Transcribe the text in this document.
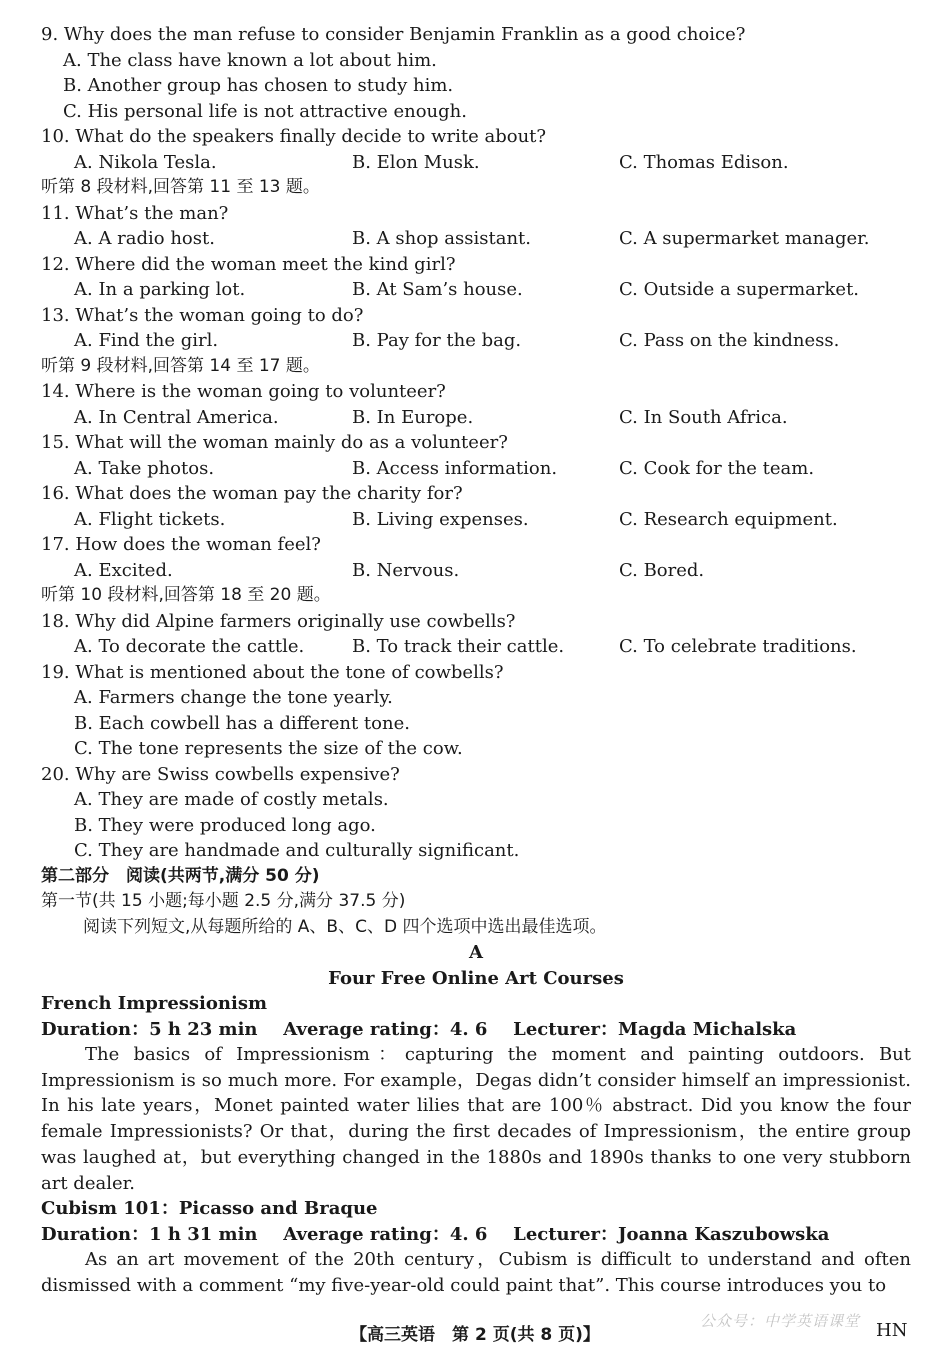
9. Why does the man refuse to consider Benjamin Franklin as a good choice?
A. The class have known a lot about him.
B. Another group has chosen to study him.
C. His personal life is not attractive enough.
10. What do the speakers finally decide to write about?
A. Nikola Tesla.	B. Elon Musk.	C. Thomas Edison.
听第 8 段材料,回答第 11 至 13 题。
11. What’s the man?
A. A radio host.	B. A shop assistant.	C. A supermarket manager.
12. Where did the woman meet the kind girl?
A. In a parking lot.	B. At Sam’s house.	C. Outside a supermarket.
13. What’s the woman going to do?
A. Find the girl.	B. Pay for the bag.	C. Pass on the kindness.
听第 9 段材料,回答第 14 至 17 题。
14. Where is the woman going to volunteer?
A. In Central America.	B. In Europe.	C. In South Africa.
15. What will the woman mainly do as a volunteer?
A. Take photos.	B. Access information.	C. Cook for the team.
16. What does the woman pay the charity for?
A. Flight tickets.	B. Living expenses.	C. Research equipment.
17. How does the woman feel?
A. Excited.	B. Nervous.	C. Bored.
听第 10 段材料,回答第 18 至 20 题。
18. Why did Alpine farmers originally use cowbells?
A. To decorate the cattle.	B. To track their cattle.	C. To celebrate traditions.
19. What is mentioned about the tone of cowbells?
A. Farmers change the tone yearly.
B. Each cowbell has a different tone.
C. The tone represents the size of the cow.
20. Why are Swiss cowbells expensive?
A. They are made of costly metals.
B. They were produced long ago.
C. They are handmade and culturally significant.
第二部分　阅读(共两节,满分 50 分)
第一节(共 15 小题;每小题 2.5 分,满分 37.5 分)
阅读下列短文,从每题所给的 A、B、C、D 四个选项中选出最佳选项。
A
Four Free Online Art Courses
French Impressionism
Duration：5 h 23 min Average rating：4. 6 Lecturer：Magda Michalska

The basics of Impressionism：capturing the moment and painting outdoors. But Impressionism is so much more. For example，Degas didn’t consider himself an impressionist. In his late years，Monet painted water lilies that are 100％ abstract. Did you know the four female Impressionists? Or that，during the first decades of Impressionism，the entire group was laughed at，but everything changed in the 1880s and 1890s thanks to one very stubborn art dealer.

Cubism 101：Picasso and Braque
Duration：1 h 31 min Average rating：4. 6 Lecturer：Joanna Kaszubowska

As an art movement of the 20th century，Cubism is difficult to understand and often dismissed with a comment “my five-year-old could paint that”. This course introduces you to

【高三英语　第 2 页(共 8 页)】
公众号：中学英语课堂 HN
